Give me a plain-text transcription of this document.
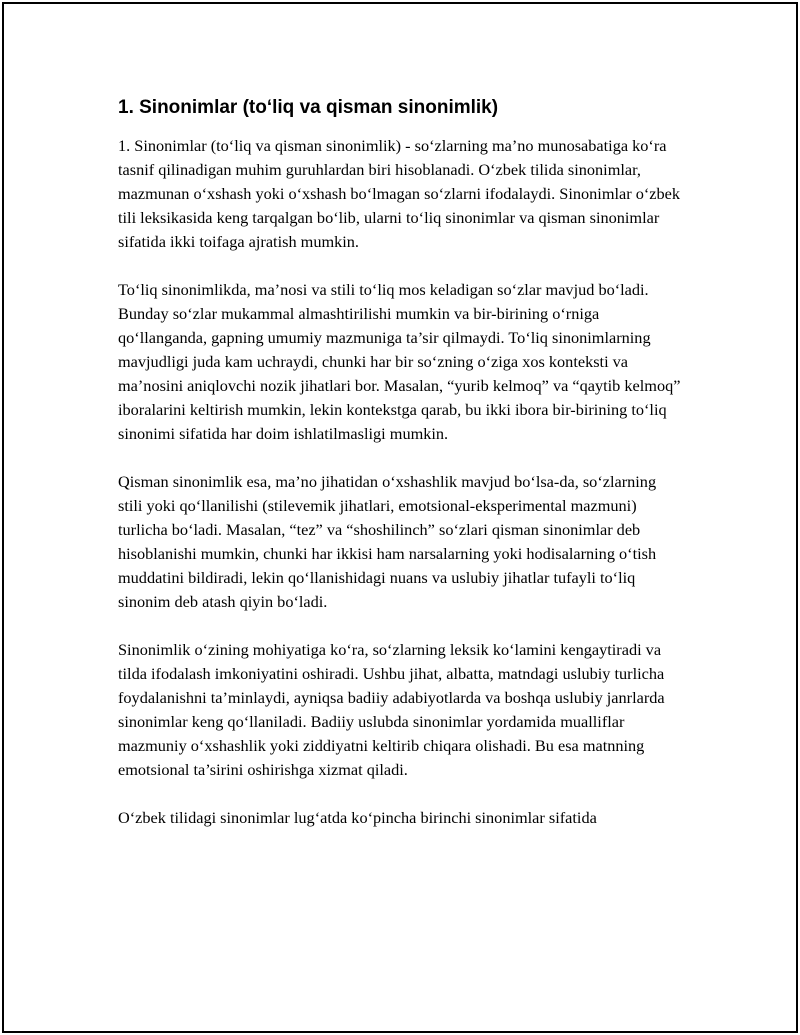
1. Sinonimlar (to‘liq va qisman sinonimlik)

1. Sinonimlar (to‘liq va qisman sinonimlik) - so‘zlarning ma’no munosabatiga ko‘ra tasnif qilinadigan muhim guruhlardan biri hisoblanadi. O‘zbek tilida sinonimlar, mazmunan o‘xshash yoki o‘xshash bo‘lmagan so‘zlarni ifodalaydi. Sinonimlar o‘zbek tili leksikasida keng tarqalgan bo‘lib, ularni to‘liq sinonimlar va qisman sinonimlar sifatida ikki toifaga ajratish mumkin.

To‘liq sinonimlikda, ma’nosi va stili to‘liq mos keladigan so‘zlar mavjud bo‘ladi. Bunday so‘zlar mukammal almashtirilishi mumkin va bir-birining o‘rniga qo‘llanganda, gapning umumiy mazmuniga ta’sir qilmaydi. To‘liq sinonimlarning mavjudligi juda kam uchraydi, chunki har bir so‘zning o‘ziga xos konteksti va ma’nosini aniqlovchi nozik jihatlari bor. Masalan, “yurib kelmoq” va “qaytib kelmoq” iboralarini keltirish mumkin, lekin kontekstga qarab, bu ikki ibora bir-birining to‘liq sinonimi sifatida har doim ishlatilmasligi mumkin.

Qisman sinonimlik esa, ma’no jihatidan o‘xshashlik mavjud bo‘lsa-da, so‘zlarning stili yoki qo‘llanilishi (stilevemik jihatlari, emotsional-eksperimental mazmuni) turlicha bo‘ladi. Masalan, “tez” va “shoshilinch” so‘zlari qisman sinonimlar deb hisoblanishi mumkin, chunki har ikkisi ham narsalarning yoki hodisalarning o‘tish muddatini bildiradi, lekin qo‘llanishidagi nuans va uslubiy jihatlar tufayli to‘liq sinonim deb atash qiyin bo‘ladi.

Sinonimlik o‘zining mohiyatiga ko‘ra, so‘zlarning leksik ko‘lamini kengaytiradi va tilda ifodalash imkoniyatini oshiradi. Ushbu jihat, albatta, matndagi uslubiy turlicha foydalanishni ta’minlaydi, ayniqsa badiiy adabiyotlarda va boshqa uslubiy janrlarda sinonimlar keng qo‘llaniladi. Badiiy uslubda sinonimlar yordamida mualliflar mazmuniy o‘xshashlik yoki ziddiyatni keltirib chiqara olishadi. Bu esa matnning emotsional ta’sirini oshirishga xizmat qiladi.

O‘zbek tilidagi sinonimlar lug‘atda ko‘pincha birinchi sinonimlar sifatida
